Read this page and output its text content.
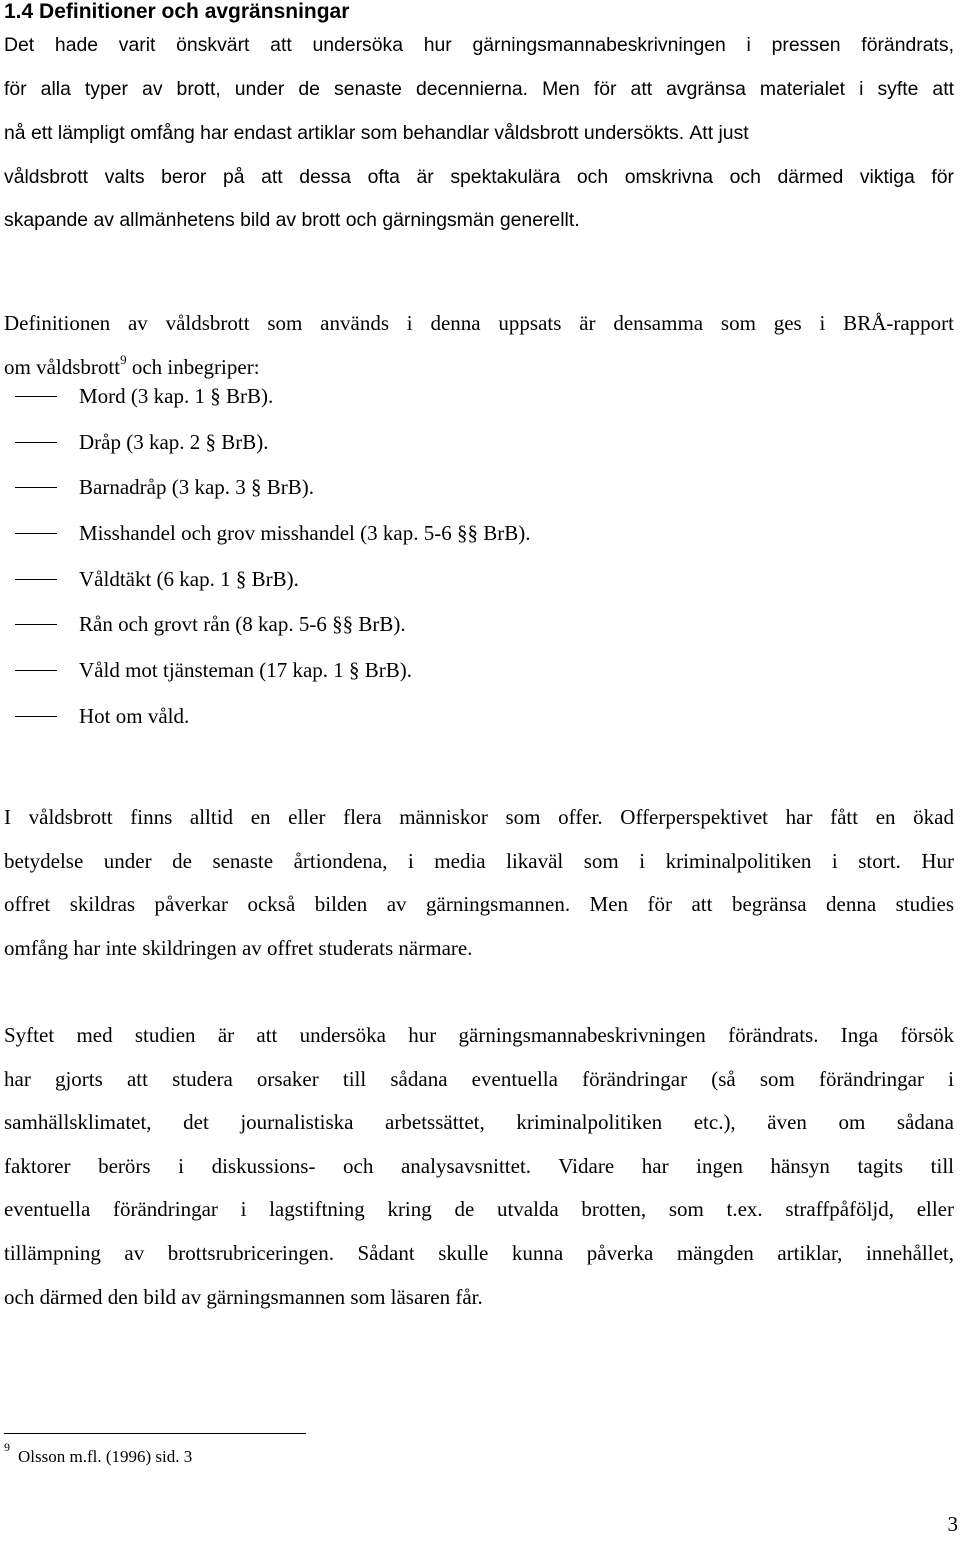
1.4 Definitioner och avgränsningar

Det hade varit önskvärt att undersöka hur gärningsmannabeskrivningen i pressen förändrats,
för alla typer av brott, under de senaste decennierna. Men för att avgränsa materialet i syfte att
nå ett lämpligt omfång har endast artiklar som behandlar våldsbrott undersökts. Att just
våldsbrott valts beror på att dessa ofta är spektakulära och omskrivna och därmed viktiga för
skapande av allmänhetens bild av brott och gärningsmän generellt.

Definitionen av våldsbrott som används i denna uppsats är densamma som ges i BRÅ-rapport
om våldsbrott$^9$ och inbegriper:

Mord (3 kap. 1 § BrB).
Dråp (3 kap. 2 § BrB).
Barnadråp (3 kap. 3 § BrB).
Misshandel och grov misshandel (3 kap. 5-6 §§ BrB).
Våldtäkt (6 kap. 1 § BrB).
Rån och grovt rån (8 kap. 5-6 §§ BrB).
Våld mot tjänsteman (17 kap. 1 § BrB).
Hot om våld.

I våldsbrott finns alltid en eller flera människor som offer. Offerperspektivet har fått en ökad
betydelse under de senaste årtiondena, i media likaväl som i kriminalpolitiken i stort. Hur
offret skildras påverkar också bilden av gärningsmannen. Men för att begränsa denna studies
omfång har inte skildringen av offret studerats närmare.

Syftet med studien är att undersöka hur gärningsmannabeskrivningen förändrats. Inga försök
har gjorts att studera orsaker till sådana eventuella förändringar (så som förändringar i
samhällsklimatet, det journalistiska arbetssättet, kriminalpolitiken etc.), även om sådana
faktorer berörs i diskussions- och analysavsnittet. Vidare har ingen hänsyn tagits till
eventuella förändringar i lagstiftning kring de utvalda brotten, som t.ex. straffpåföljd, eller
tillämpning av brottsrubriceringen. Sådant skulle kunna påverka mängden artiklar, innehållet,
och därmed den bild av gärningsmannen som läsaren får.

$^9$ Olsson m.fl. (1996) sid. 3
3
